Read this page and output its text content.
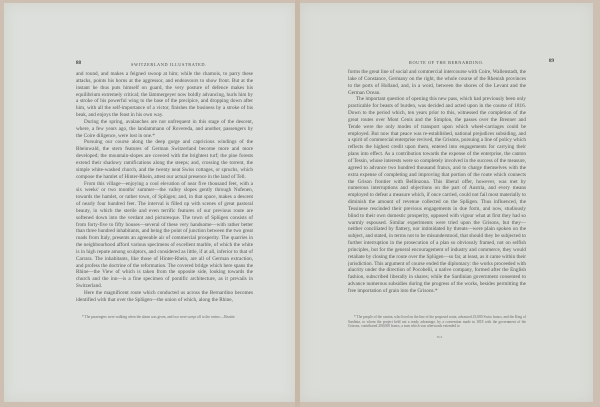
88	SWITZERLAND ILLUSTRATED.

and round, and makes a feigned swoop at him; while the chamois, to parry these attacks, points his horns at the aggressor, and endeavours to show front. But at the instant he thus puts himself on guard, the very posture of defence makes his equilibrium extremely critical; the lämmergeyer now boldly advancing, hurls him by a stroke of his powerful wing to the base of the precipice, and dropping down after him, with all the self-importance of a victor, finishes the business by a stroke of his beak, and enjoys the feast in his own way.

During the spring, avalanches are not unfrequent in this stage of the descent, where, a few years ago, the landammann of Rovereda, and another, passengers by the Coire diligence, were lost in one.*

Pursuing our course along the deep gorge and capricious windings of the Rheinwald, the stern features of German Switzerland become more and more developed; the mountain-slopes are covered with the brightest turf; the pine forests extend their shadowy ramifications along the steeps; and, crossing the torrent, the simple white-washed church, and the twenty neat Swiss cottages, or spruchs, which compose the hamlet of Hinter-Rhein, attest our actual presence in the land of Tell.

From this village—enjoying a cool elevation of near five thousand feet, with a six weeks' or two months' summer—the valley slopes gently through Nufenen, towards the hamlet, or rather town, of Splügen; and, in that space, makes a descent of nearly four hundred feet. The interval is filled up with scenes of great pastoral beauty, in which the sterile and even terrific features of our previous route are softened down into the verdant and picturesque. The town of Splügen consists of from forty-five to fifty houses—several of these very handsome—with rather better than three hundred inhabitants, and being the point of junction between the two great roads from Italy, presents an agreeable air of commercial prosperity. The quarries in the neighbourhood afford various specimens of excellent marble, of which the white is in high repute among sculptors, and considered as little, if at all, inferior to that of Carrara. The inhabitants, like those of Hinter-Rhein, are all of German extraction, and profess the doctrine of the reformation. The covered bridge which here spans the Rhine—the View of which is taken from the opposite side, looking towards the church and the inn—is a fine specimen of pontific architecture, as it prevails in Switzerland.

Here the magnificent route which conducted us across the Bernardino becomes identified with that over the Splügen—the union of which, along the Rhine,

* The passengers were walking when the alarm was given, and two were swept off to the ravine.—Beattie.

ROUTE OF THE BERNARDINO.	89

forms the great line of social and commercial intercourse with Coire, Wallenstadt, the lake of Constance, Germany on the right, the whole course of the Rhenish provinces to the ports of Holland, and, in a word, between the shores of the Levant and the German Ocean.

The important question of opening this new pass, which had previously been only practicable for beasts of burden, was decided and acted upon in the course of 1816. Down to the period which, ten years prior to this, witnessed the completion of the great routes over Mont Cenis and the Simplon, the passes over the Brenner and Tende were the only modes of transport upon which wheel-carriages could be employed. But now that peace was re-established, national prejudices subsiding, and a spirit of commercial enterprise revived, the Grisons, pursuing a line of policy which reflects the highest credit upon them, entered into engagements for carrying their plans into effect. As a contribution towards the expense of the enterprise, the canton of Tessin, whose interests were so completely involved in the success of the measure, agreed to advance two hundred thousand francs, and to charge themselves with the extra expense of completing and improving that portion of the route which connects the Grison frontier with Bellinzona. This liberal offer, however, was met by numerous interruptions and objections on the part of Austria, and every means employed to defeat a measure which, if once carried, could not fail most materially to diminish the amount of revenue collected on the Splügen. Thus influenced, the Tessinese rescinded their previous engagements in due form, and now, studiously blind to their own domestic prosperity, opposed with vigour what at first they had so warmly espoused. Similar experiments were tried upon the Grisons, but they—neither conciliated by flattery, nor intimidated by threats—were plain spoken on the subject, and stated, in terms not to be misunderstood, that should they be subjected to further interruption in the prosecution of a plan so obviously framed, not on selfish principles, but for the general encouragement of industry and commerce, they would retaliate by closing the route over the Splügen—so far, at least, as it came within their jurisdiction. This argument of course ended the diplomacy: the works proceeded with alacrity under the direction of Pocobelli, a native company, formed after the English fashion, subscribed liberally in shares; while the Sardinian government consented to advance numerous subsidies during the progress of the works, besides permitting the free importation of grain into the Grisons.*

* The people of the canton, who lived on the line of the proposed route, advanced 25,000 Swiss francs; and the King of Sardinia, to whom the project held out a ready advantage, by a convention made in 1818 with the government of the Grisons, contributed 200,000 francs, a sum which was afterwards extended to

N 2
